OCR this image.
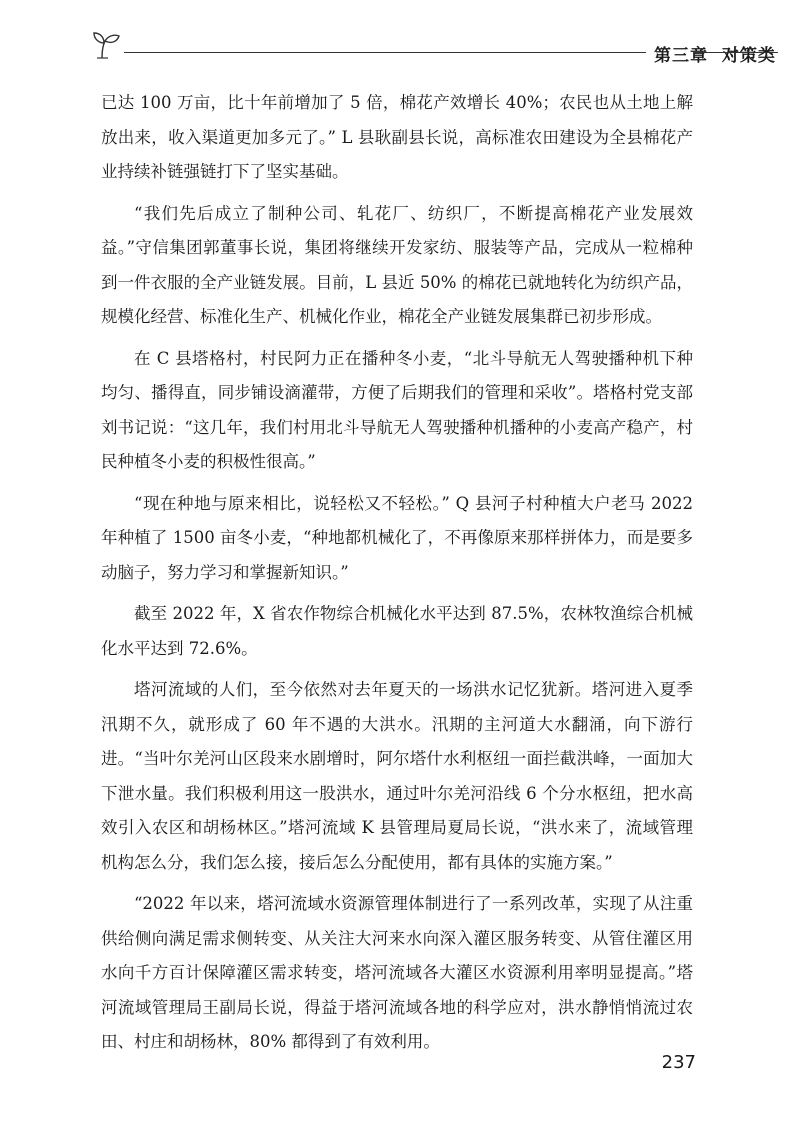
第三章 对策类

已达 100 万亩，比十年前增加了 5 倍，棉花产效增长 40%；农民也从土地上解放出来，收入渠道更加多元了。” L 县耿副县长说，高标准农田建设为全县棉花产业持续补链强链打下了坚实基础。

“我们先后成立了制种公司、轧花厂、纺织厂，不断提高棉花产业发展效益。”守信集团郭董事长说，集团将继续开发家纺、服装等产品，完成从一粒棉种到一件衣服的全产业链发展。目前，L 县近 50% 的棉花已就地转化为纺织产品，规模化经营、标准化生产、机械化作业，棉花全产业链发展集群已初步形成。

在 C 县塔格村，村民阿力正在播种冬小麦，“北斗导航无人驾驶播种机下种均匀、播得直，同步铺设滴灌带，方便了后期我们的管理和采收”。塔格村党支部刘书记说：“这几年，我们村用北斗导航无人驾驶播种机播种的小麦高产稳产，村民种植冬小麦的积极性很高。”

“现在种地与原来相比，说轻松又不轻松。” Q 县河子村种植大户老马 2022 年种植了 1500 亩冬小麦，“种地都机械化了，不再像原来那样拼体力，而是要多动脑子，努力学习和掌握新知识。”

截至 2022 年，X 省农作物综合机械化水平达到 87.5%，农林牧渔综合机械化水平达到 72.6%。

塔河流域的人们，至今依然对去年夏天的一场洪水记忆犹新。塔河进入夏季汛期不久，就形成了 60 年不遇的大洪水。汛期的主河道大水翻涌，向下游行进。“当叶尔羌河山区段来水剧增时，阿尔塔什水利枢纽一面拦截洪峰，一面加大下泄水量。我们积极利用这一股洪水，通过叶尔羌河沿线 6 个分水枢纽，把水高效引入农区和胡杨林区。”塔河流域 K 县管理局夏局长说，“洪水来了，流域管理机构怎么分，我们怎么接，接后怎么分配使用，都有具体的实施方案。”

“2022 年以来，塔河流域水资源管理体制进行了一系列改革，实现了从注重供给侧向满足需求侧转变、从关注大河来水向深入灌区服务转变、从管住灌区用水向千方百计保障灌区需求转变，塔河流域各大灌区水资源利用率明显提高。”塔河流域管理局王副局长说，得益于塔河流域各地的科学应对，洪水静悄悄流过农田、村庄和胡杨林，80% 都得到了有效利用。

237
